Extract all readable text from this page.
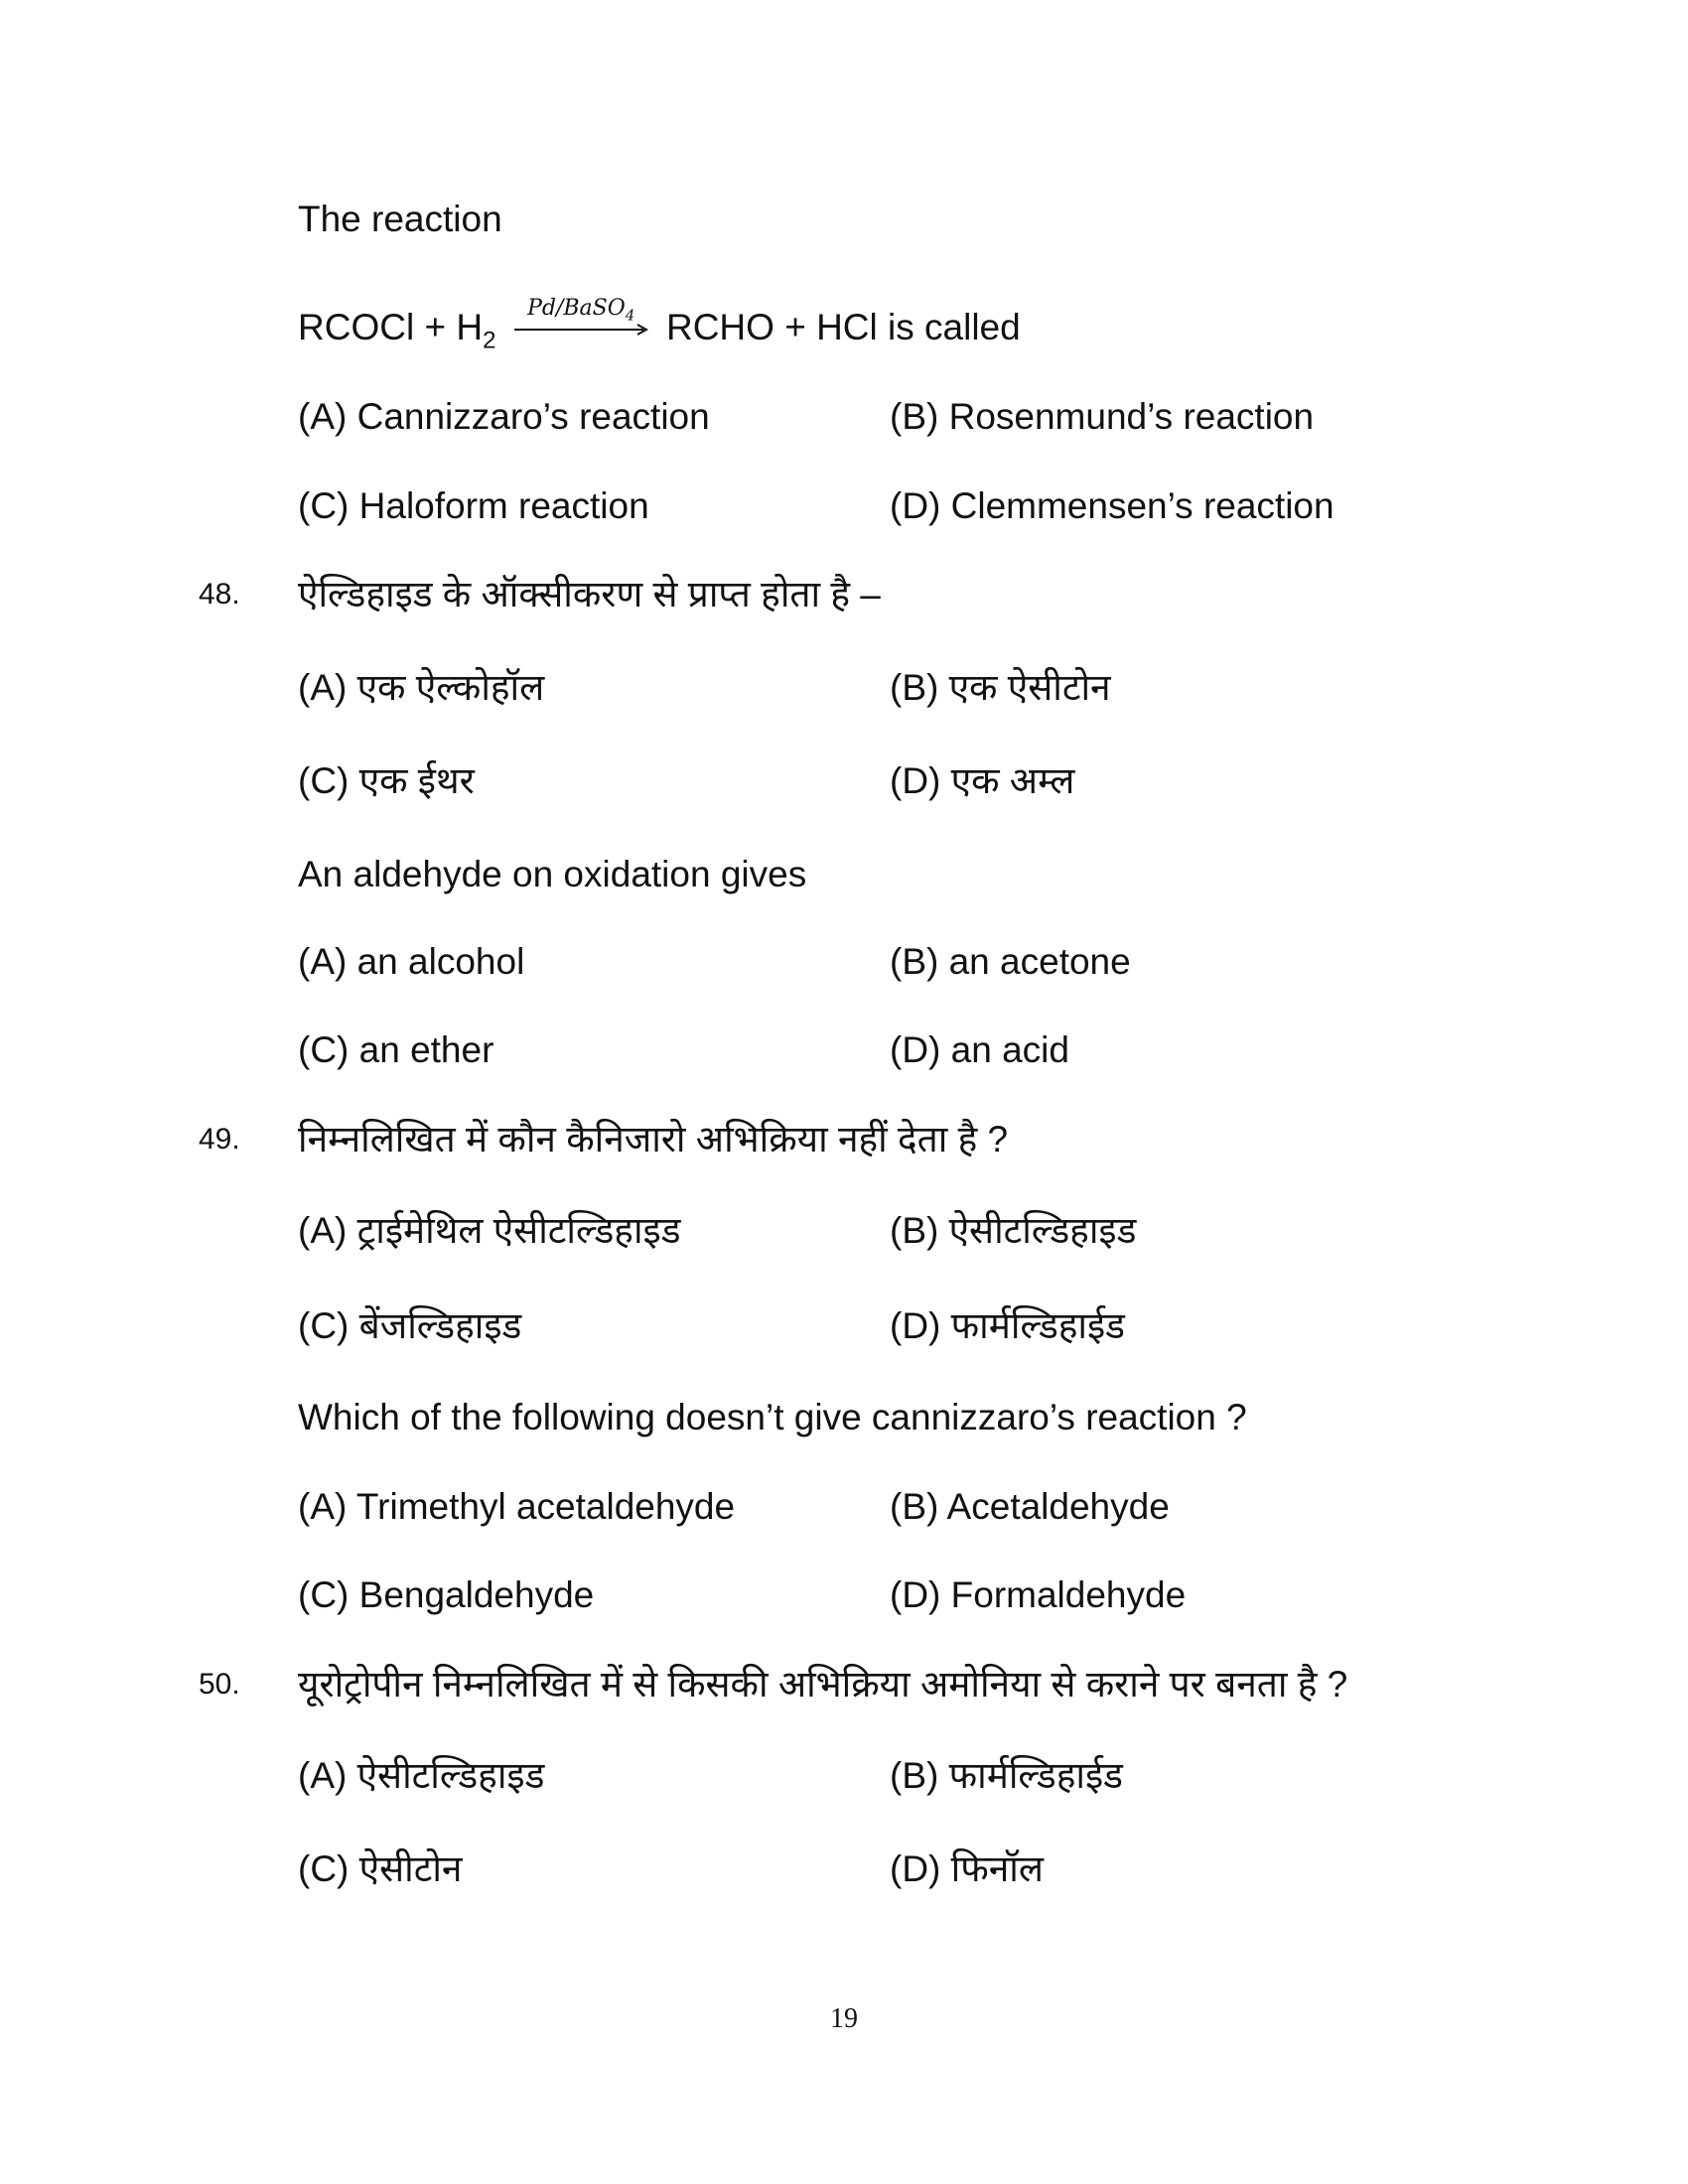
The reaction
RCOCl + $H_2$
Pd/BaSO$_4$ RCHO + HCl is called
(A) Cannizzaro’s reaction	(B) Rosenmund’s reaction
(C) Haloform reaction	(D) Clemmensen’s reaction
48. ऐल्डिहाइड के ऑक्सीकरण से प्राप्त होता है –
(A) एक ऐल्कोहॉल	(B) एक ऐसीटोन
(C) एक ईथर	(D) एक अम्ल
An aldehyde on oxidation gives
(A) an alcohol	(B) an acetone
(C) an ether	(D) an acid
49. निम्नलिखित में कौन कैनिजारो अभिक्रिया नहीं देता है ?
(A) ट्राईमेथिल ऐसीटल्डिहाइड	(B) ऐसीटल्डिहाइड
(C) बेंजल्डिहाइड	(D) फार्मल्डिहाईड
Which of the following doesn’t give cannizzaro’s reaction ?
(A) Trimethyl acetaldehyde	(B) Acetaldehyde
(C) Bengaldehyde	(D) Formaldehyde
50. यूरोट्रोपीन निम्नलिखित में से किसकी अभिक्रिया अमोनिया से कराने पर बनता है ?
(A) ऐसीटल्डिहाइड	(B) फार्मल्डिहाईड
(C) ऐसीटोन	(D) फिनॉल
19
